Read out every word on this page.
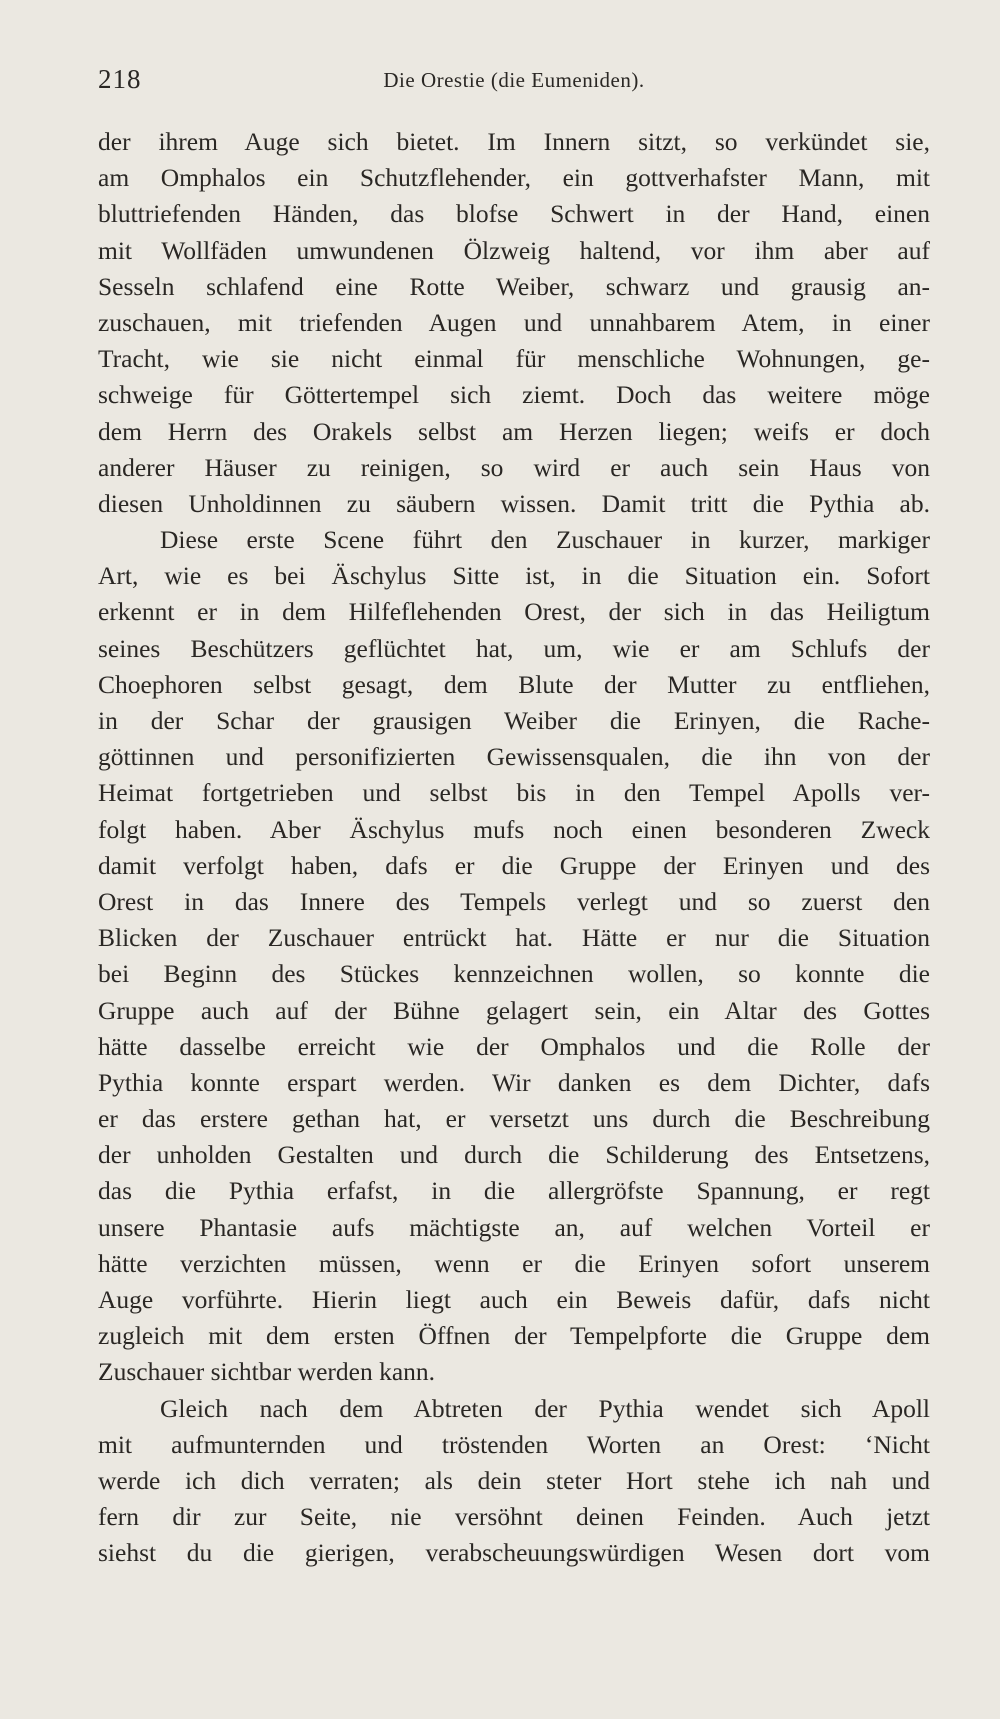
218	Die Orestie (die Eumeniden).
der ihrem Auge sich bietet. Im Innern sitzt, so verkündet sie,
am Omphalos ein Schutzflehender, ein gottverhafster Mann, mit
bluttriefenden Händen, das blofse Schwert in der Hand, einen
mit Wollfäden umwundenen Ölzweig haltend, vor ihm aber auf
Sesseln schlafend eine Rotte Weiber, schwarz und grausig an-
zuschauen, mit triefenden Augen und unnahbarem Atem, in einer
Tracht, wie sie nicht einmal für menschliche Wohnungen, ge-
schweige für Göttertempel sich ziemt. Doch das weitere möge
dem Herrn des Orakels selbst am Herzen liegen; weifs er doch
anderer Häuser zu reinigen, so wird er auch sein Haus von
diesen Unholdinnen zu säubern wissen. Damit tritt die Pythia ab.
Diese erste Scene führt den Zuschauer in kurzer, markiger
Art, wie es bei Äschylus Sitte ist, in die Situation ein. Sofort
erkennt er in dem Hilfeflehenden Orest, der sich in das Heiligtum
seines Beschützers geflüchtet hat, um, wie er am Schlufs der
Choephoren selbst gesagt, dem Blute der Mutter zu entfliehen,
in der Schar der grausigen Weiber die Erinyen, die Rache-
göttinnen und personifizierten Gewissensqualen, die ihn von der
Heimat fortgetrieben und selbst bis in den Tempel Apolls ver-
folgt haben. Aber Äschylus mufs noch einen besonderen Zweck
damit verfolgt haben, dafs er die Gruppe der Erinyen und des
Orest in das Innere des Tempels verlegt und so zuerst den
Blicken der Zuschauer entrückt hat. Hätte er nur die Situation
bei Beginn des Stückes kennzeichnen wollen, so konnte die
Gruppe auch auf der Bühne gelagert sein, ein Altar des Gottes
hätte dasselbe erreicht wie der Omphalos und die Rolle der
Pythia konnte erspart werden. Wir danken es dem Dichter, dafs
er das erstere gethan hat, er versetzt uns durch die Beschreibung
der unholden Gestalten und durch die Schilderung des Entsetzens,
das die Pythia erfafst, in die allergröfste Spannung, er regt
unsere Phantasie aufs mächtigste an, auf welchen Vorteil er
hätte verzichten müssen, wenn er die Erinyen sofort unserem
Auge vorführte. Hierin liegt auch ein Beweis dafür, dafs nicht
zugleich mit dem ersten Öffnen der Tempelpforte die Gruppe dem
Zuschauer sichtbar werden kann.
Gleich nach dem Abtreten der Pythia wendet sich Apoll
mit aufmunternden und tröstenden Worten an Orest: ‘Nicht
werde ich dich verraten; als dein steter Hort stehe ich nah und
fern dir zur Seite, nie versöhnt deinen Feinden. Auch jetzt
siehst du die gierigen, verabscheuungswürdigen Wesen dort vom
